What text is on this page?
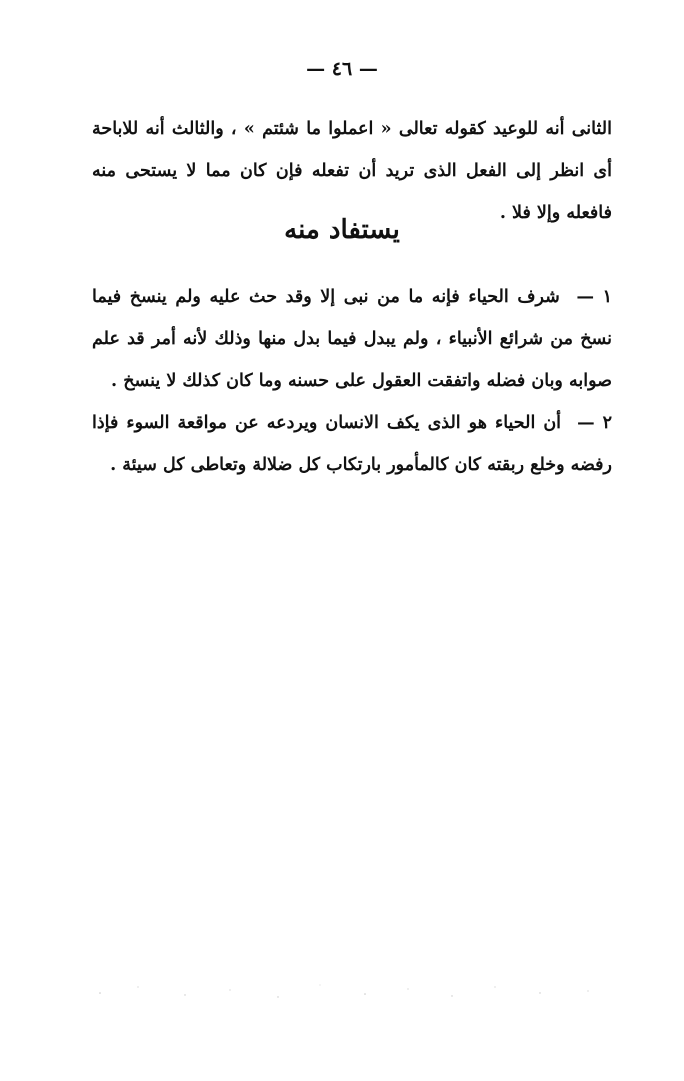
— ٤٦ —
الثانى أنه للوعيد كقوله تعالى « اعملوا ما شئتم » ، والثالث أنه للاباحة أى انظر إلى الفعل الذى تريد أن تفعله فإن كان مما لا يستحى منه فافعله وإلا فلا .
يستفاد منه
١ — شرف الحياء فإنه ما من نبى إلا وقد حث عليه ولم ينسخ فيما نسخ من شرائع الأنبياء ، ولم يبدل فيما بدل منها وذلك لأنه أمر قد علم صوابه وبان فضله واتفقت العقول على حسنه وما كان كذلك لا ينسخ .
٢ — أن الحياء هو الذى يكف الانسان ويردعه عن مواقعة السوء فإذا رفضه وخلع ربقته كان كالمأمور بارتكاب كل ضلالة وتعاطى كل سيئة .
